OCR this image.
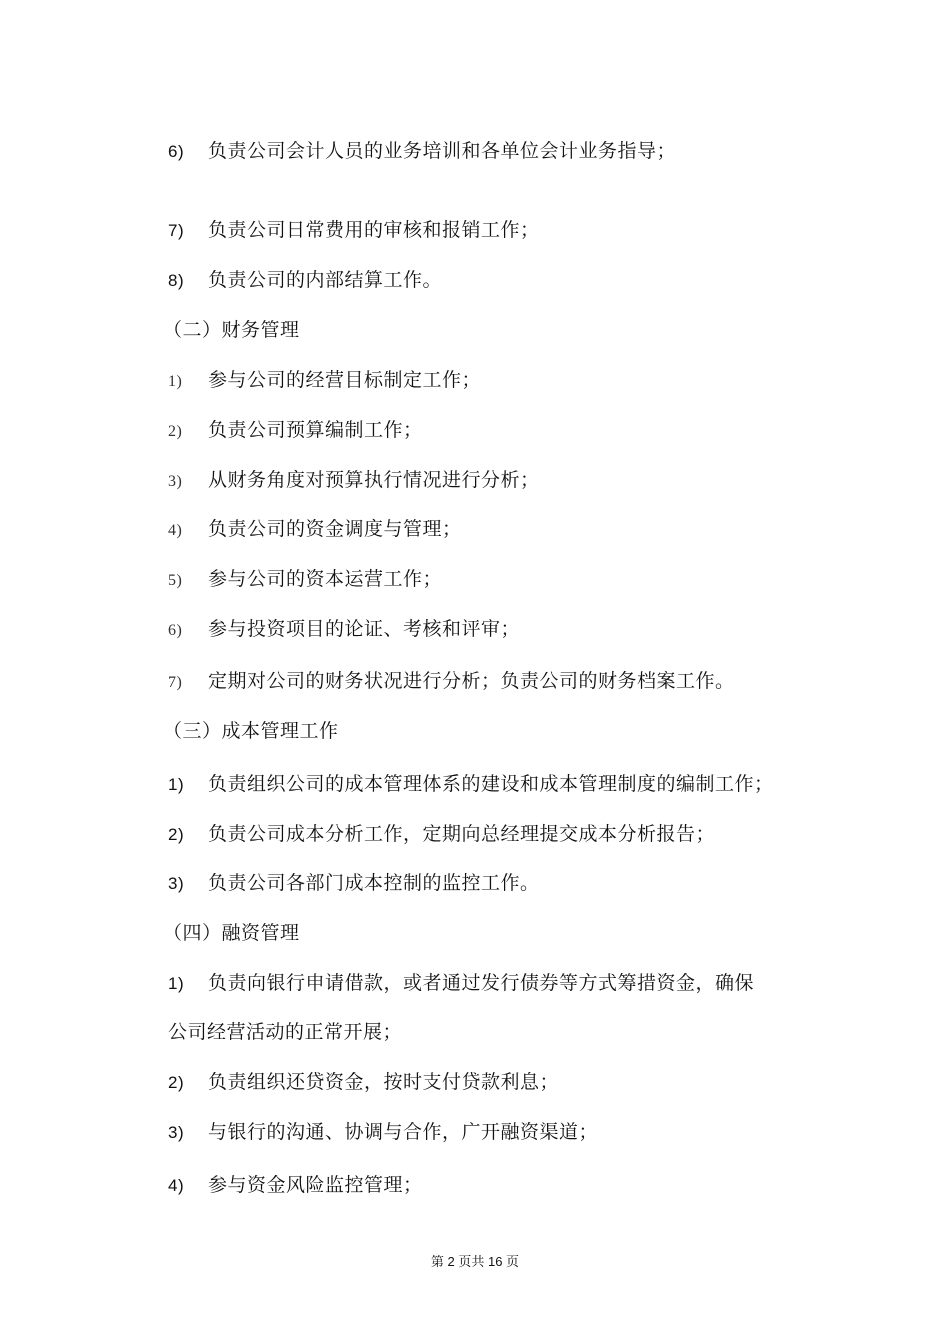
6) 负责公司会计人员的业务培训和各单位会计业务指导；
7) 负责公司日常费用的审核和报销工作；
8) 负责公司的内部结算工作。
（二）财务管理
1) 参与公司的经营目标制定工作；
2) 负责公司预算编制工作；
3) 从财务角度对预算执行情况进行分析；
4) 负责公司的资金调度与管理；
5) 参与公司的资本运营工作；
6) 参与投资项目的论证、考核和评审；
7) 定期对公司的财务状况进行分析；负责公司的财务档案工作。
（三）成本管理工作
1) 负责组织公司的成本管理体系的建设和成本管理制度的编制工作；
2) 负责公司成本分析工作，定期向总经理提交成本分析报告；
3) 负责公司各部门成本控制的监控工作。
（四）融资管理
1) 负责向银行申请借款，或者通过发行债券等方式筹措资金，确保
公司经营活动的正常开展；
2) 负责组织还贷资金，按时支付贷款利息；
3) 与银行的沟通、协调与合作，广开融资渠道；
4) 参与资金风险监控管理；
第 2 页共 16 页
